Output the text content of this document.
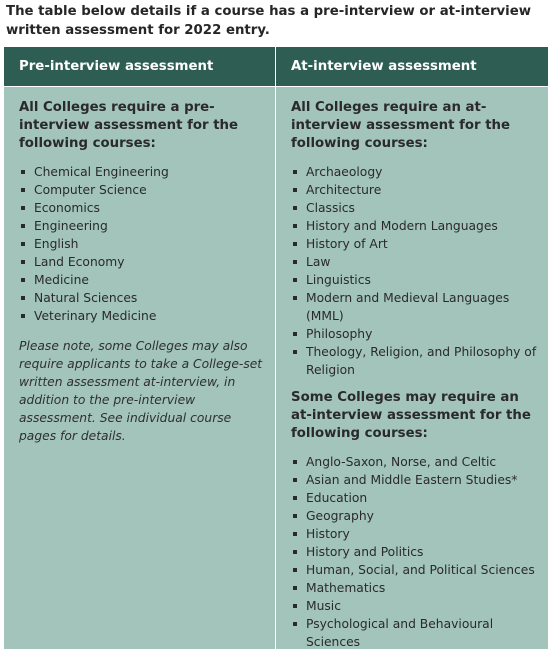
The table below details if a course has a pre-interview or at-interview written assessment for 2022 entry.

Pre-interview assessment

All Colleges require a pre-interview assessment for the following courses:

Chemical Engineering
Computer Science
Economics
Engineering
English
Land Economy
Medicine
Natural Sciences
Veterinary Medicine

Please note, some Colleges may also require applicants to take a College-set written assessment at-interview, in addition to the pre-interview assessment. See individual course pages for details.

At-interview assessment

All Colleges require an at-interview assessment for the following courses:

Archaeology
Architecture
Classics
History and Modern Languages
History of Art
Law
Linguistics
Modern and Medieval Languages (MML)
Philosophy
Theology, Religion, and Philosophy of Religion

Some Colleges may require an at-interview assessment for the following courses:

Anglo-Saxon, Norse, and Celtic
Asian and Middle Eastern Studies*
Education
Geography
History
History and Politics
Human, Social, and Political Sciences
Mathematics
Music
Psychological and Behavioural Sciences
